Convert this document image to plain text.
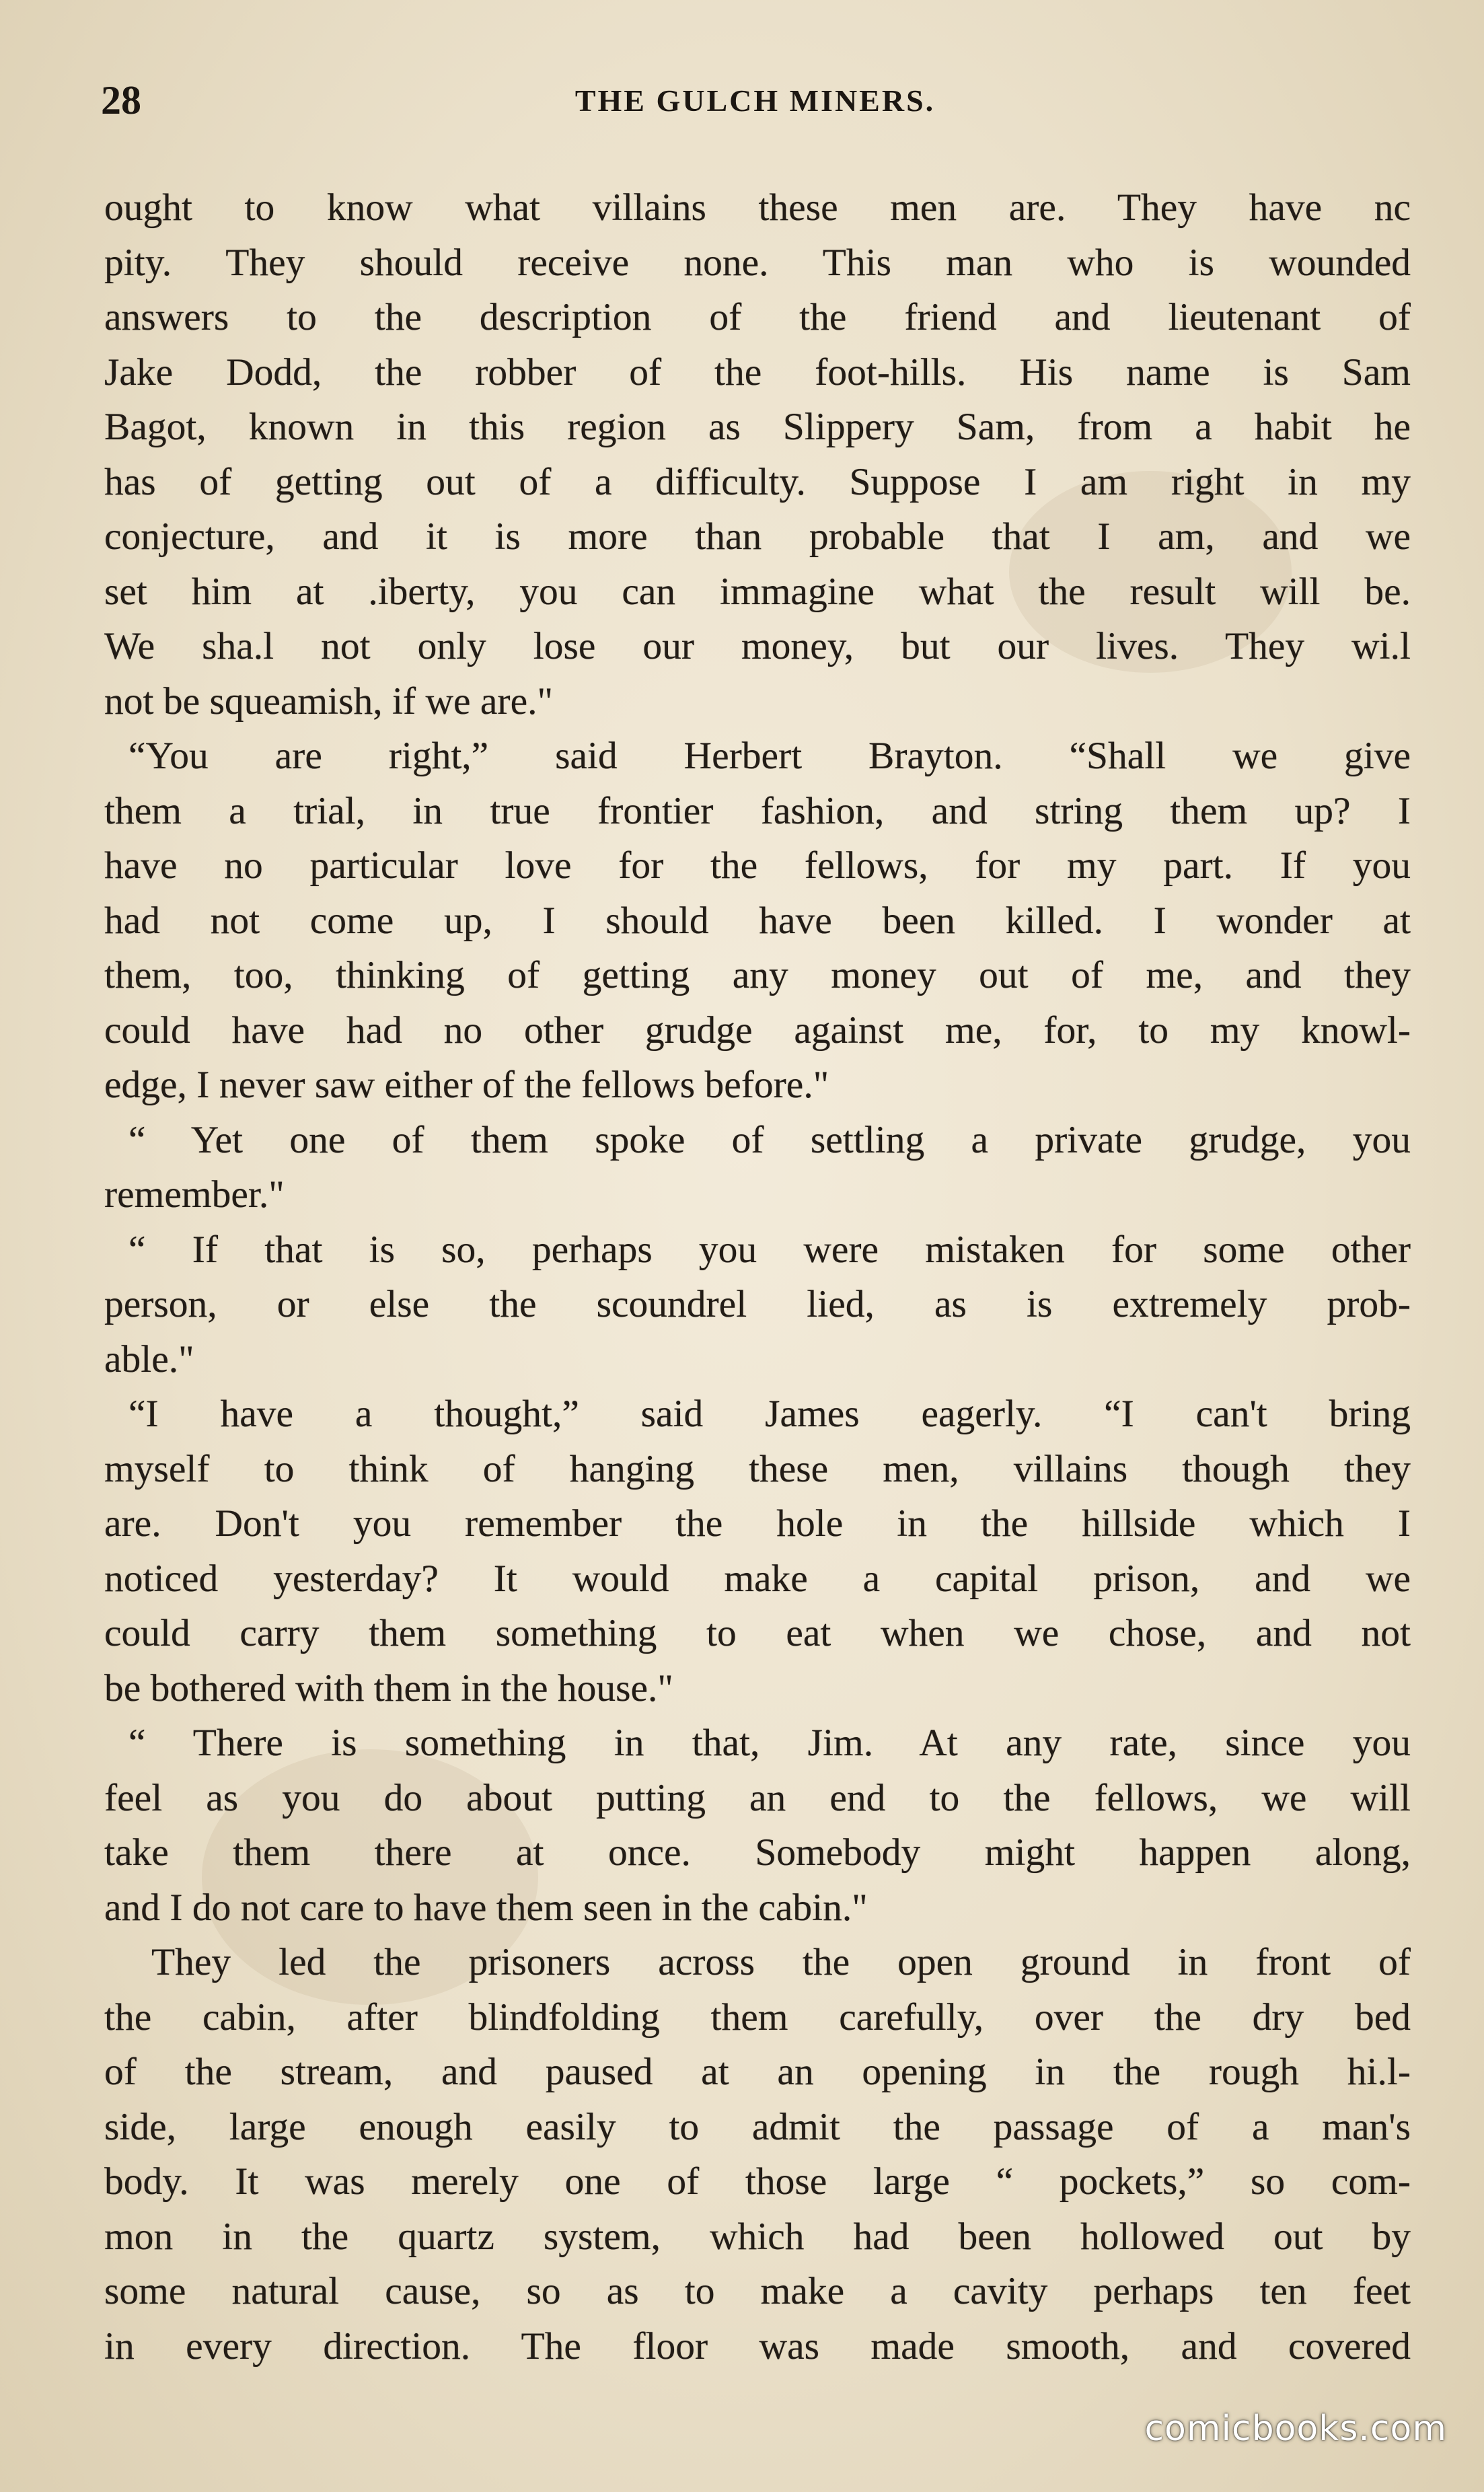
28	THE GULCH MINERS.
ought to know what villains these men are. They have nc
pity. They should receive none. This man who is wounded
answers to the description of the friend and lieutenant of
Jake Dodd, the robber of the foot-hills. His name is Sam
Bagot, known in this region as Slippery Sam, from a habit he
has of getting out of a difficulty. Suppose I am right in my
conjecture, and it is more than probable that I am, and we
set him at .iberty, you can immagine what the result will be.
We sha.l not only lose our money, but our lives. They wi.l
not be squeamish, if we are."
“You are right,” said Herbert Brayton. “Shall we give
them a trial, in true frontier fashion, and string them up? I
have no particular love for the fellows, for my part. If you
had not come up, I should have been killed. I wonder at
them, too, thinking of getting any money out of me, and they
could have had no other grudge against me, for, to my knowl-
edge, I never saw either of the fellows before."
“ Yet one of them spoke of settling a private grudge, you
remember."
“ If that is so, perhaps you were mistaken for some other
person, or else the scoundrel lied, as is extremely prob-
able."
“I have a thought,” said James eagerly. “I can't bring
myself to think of hanging these men, villains though they
are. Don't you remember the hole in the hillside which I
noticed yesterday? It would make a capital prison, and we
could carry them something to eat when we chose, and not
be bothered with them in the house."
“ There is something in that, Jim. At any rate, since you
feel as you do about putting an end to the fellows, we will
take them there at once. Somebody might happen along,
and I do not care to have them seen in the cabin."
They led the prisoners across the open ground in front of
the cabin, after blindfolding them carefully, over the dry bed
of the stream, and paused at an opening in the rough hi.l-
side, large enough easily to admit the passage of a man's
body. It was merely one of those large “ pockets,” so com-
mon in the quartz system, which had been hollowed out by
some natural cause, so as to make a cavity perhaps ten feet
in every direction. The floor was made smooth, and covered
comicbooks.com
